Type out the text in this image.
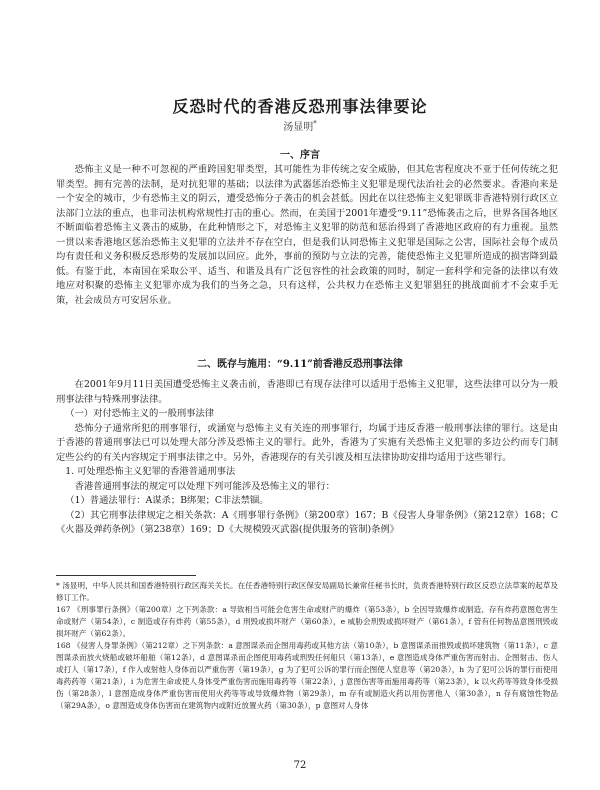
反恐时代的香港反恐刑事法律要论
汤显明*
一、序言

恐怖主义是一种不可忽视的严重跨国犯罪类型，其可能性为非传统之安全威胁，但其危害程度决不亚于任何传统之犯罪类型。拥有完善的法制，是对抗犯罪的基础；以法律为武器惩治恐怖主义犯罪是现代法治社会的必然要求。香港向来是一个安全的城市，少有恐怖主义的阴云，遭受恐怖分子袭击的机会甚低。因此在以往恐怖主义犯罪既非香港特别行政区立法部门立法的重点，也非司法机构常规性打击的重心。然而，在美国于2001年遭受“9.11”恐怖袭击之后，世界各国各地区不断面临着恐怖主义袭击的威胁，在此种情形之下，对恐怖主义犯罪的防范和惩治得到了香港地区政府的有力重视。虽然一贯以来香港地区惩治恐怖主义犯罪的立法并不存在空白，但是我们认同恐怖主义犯罪是国际之公害，国际社会每个成员均有责任和义务积极反恐形势的发展加以回应。此外，事前的预防与立法的完善，能使恐怖主义犯罪所造成的损害降到最低。有鉴于此，本南国在采取公平、适当、和谐及具有广泛包容性的社会政策的同时，制定一套科学和完备的法律以有效地应对积聚的恐怖主义犯罪亦成为我们的当务之急，只有这样，公共权力在恐怖主义犯罪猖狂的挑战面前才不会束手无策，社会成员方可安居乐业。

二、既存与施用：“9.11”前香港反恐刑事法律

在2001年9月11日美国遭受恐怖主义袭击前，香港即已有现存法律可以适用于恐怖主义犯罪，这些法律可以分为一般刑事法律与特殊刑事法律。

（一）对付恐怖主义的一般刑事法律

恐怖分子通常所犯的刑事罪行，或涵宽与恐怖主义有关连的刑事罪行，均属于违反香港一般刑事法律的罪行。这是由于香港的普通刑事法已可以处理大部分涉及恐怖主义的罪行。此外，香港为了实施有关恐怖主义犯罪的多边公约而专门制定些公约的有关内容规定于刑事法律之中。另外，香港现存的有关引渡及相互法律协助安排均适用于这些罪行。

1. 可处理恐怖主义犯罪的香港普通刑事法

香港普通刑事法的规定可以处理下列可能涉及恐怖主义的罪行：

（1）普通法罪行：A谋杀；B绑架；C非法禁锢。

（2）其它刑事法律规定之相关条款：A《刑事罪行条例》（第200章）167；B《侵害人身罪条例》（第212章）168；C《火器及弹药条例》（第238章）169；D《大规模毁灭武器(提供服务的管制)条例》

* 汤显明，中华人民共和国香港特别行政区海关关长。在任香港特别行政区保安局副局长兼常任秘书长时，负责香港特别行政区反恐立法草案的起草及修订工作。

167 《刑事罪行条例》（第200章）之下列条款：a 导致相当可能会危害生命或财产的爆炸（第53条），b 全因导致爆炸或制造、存有炸药意图危害生命或财产（第54条），c 制造或存有炸药（第55条），d 刑毁或损坏财产（第60条），e 威胁会刑毁或损坏财产（第61条），f 管有任何物品意图刑毁或损坏财产（第62条）。

168 《侵害人身罪条例》（第212章）之下列条款：a 意图谋杀而企图用毒药或其他方法（第10条），b 意图谋杀而推毁或损坏建筑物（第11条），c 意图谋杀而放火烧船或破坏船舶（第12条），d 意图谋杀而企图使用毒药或刑毁任何船只（第13条），e 意图造成身体严重伤害而射击、企图射击、伤人或打人（第17条），f 作入或射他人身体而以严重伤害（第19条），g 为了犯可公诉的罪行而企图使人窒息等（第20条），h 为了犯可公诉的罪行而使用毒药药等（第21条），i 为危害生命或使人身体受严重伤害而施用毒药等（第22条），j 意图伤害等而施用毒药等（第23条），k 以火药等等致身体受损伤（第28条），l 意图造成身体严重伤害而使用火药等等或导致爆炸物（第29条），m 存有或制造火药以用伤害他人（第30条），n 存有腐蚀性物品（第29A条），o 意图造成身体伤害而在建筑物内或附近放置火药（第30条），p 意图对人身体

72
